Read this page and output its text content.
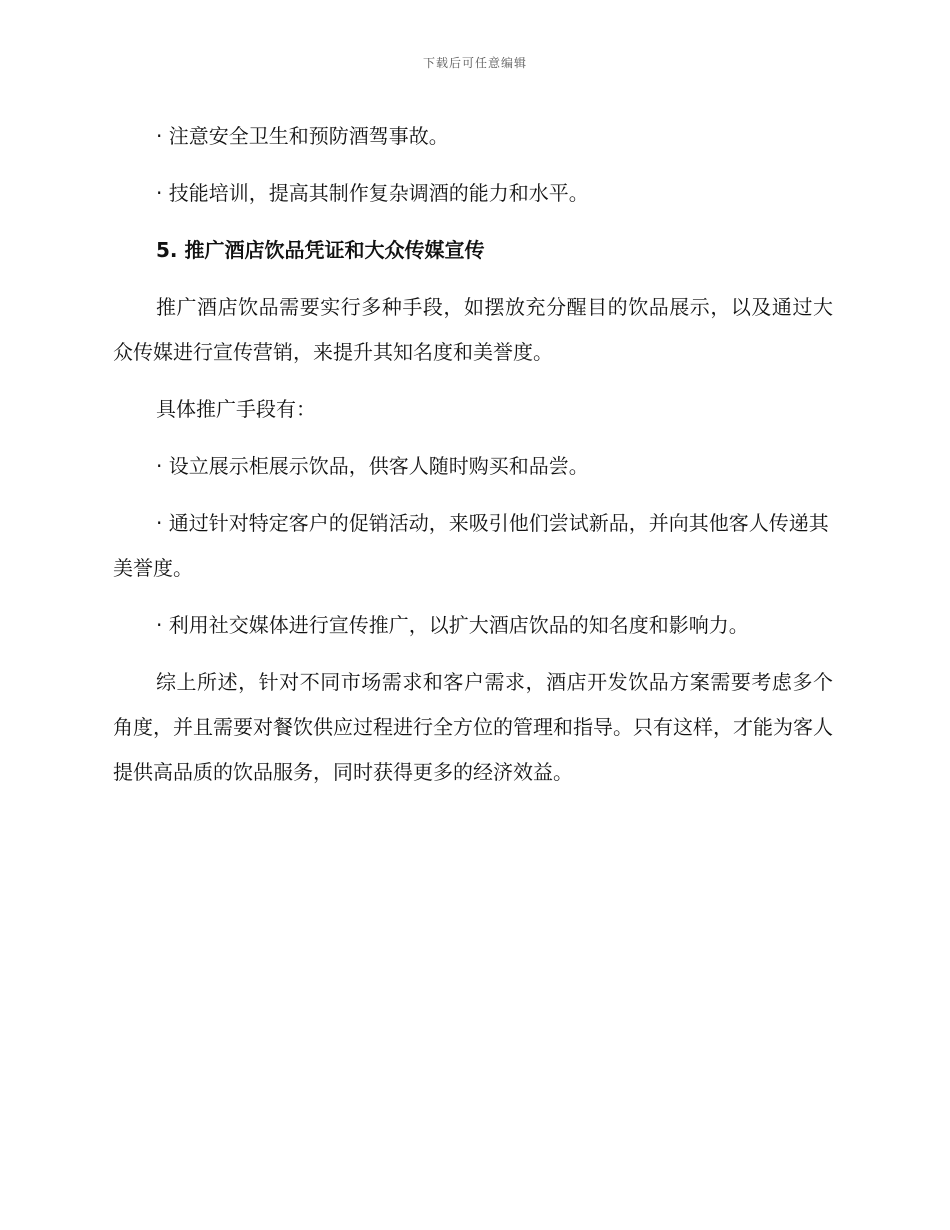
下载后可任意编辑

· 注意安全卫生和预防酒驾事故。

· 技能培训，提高其制作复杂调酒的能力和水平。

5. 推广酒店饮品凭证和大众传媒宣传

推广酒店饮品需要实行多种手段，如摆放充分醒目的饮品展示，以及通过大众传媒进行宣传营销，来提升其知名度和美誉度。

具体推广手段有：

· 设立展示柜展示饮品，供客人随时购买和品尝。

· 通过针对特定客户的促销活动，来吸引他们尝试新品，并向其他客人传递其美誉度。

· 利用社交媒体进行宣传推广，以扩大酒店饮品的知名度和影响力。

综上所述，针对不同市场需求和客户需求，酒店开发饮品方案需要考虑多个角度，并且需要对餐饮供应过程进行全方位的管理和指导。只有这样，才能为客人提供高品质的饮品服务，同时获得更多的经济效益。
